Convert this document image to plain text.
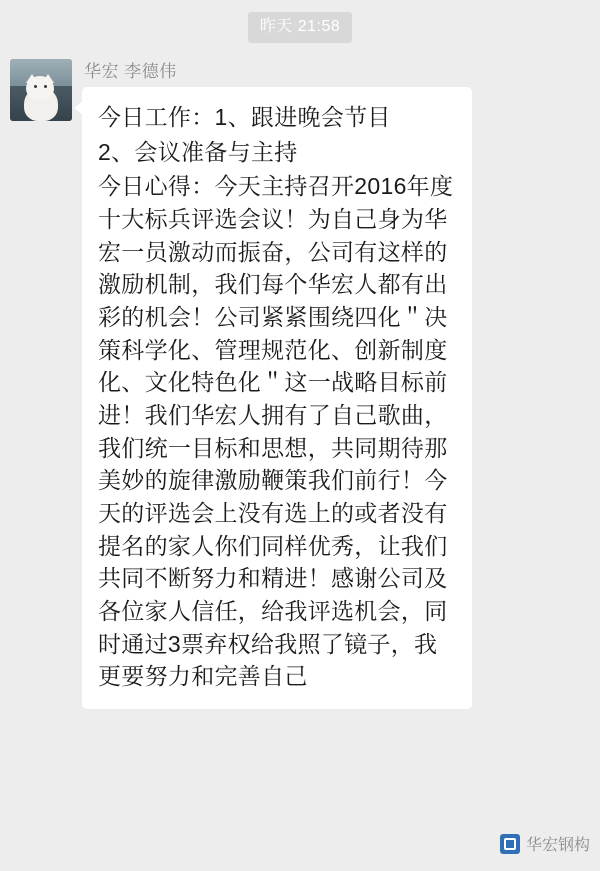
昨天 21:58
华宏 李德伟

今日工作：1、跟进晚会节目

2、会议准备与主持

今日心得：今天主持召开2016年度十大标兵评选会议！为自己身为华宏一员激动而振奋，公司有这样的激励机制，我们每个华宏人都有出彩的机会！公司紧紧围绕四化＂决策科学化、管理规范化、创新制度化、文化特色化＂这一战略目标前进！我们华宏人拥有了自己歌曲，我们统一目标和思想，共同期待那美妙的旋律激励鞭策我们前行！今天的评选会上没有选上的或者没有提名的家人你们同样优秀，让我们共同不断努力和精进！感谢公司及各位家人信任，给我评选机会，同时通过3票弃权给我照了镜子，我更要努力和完善自己

华宏钢构
